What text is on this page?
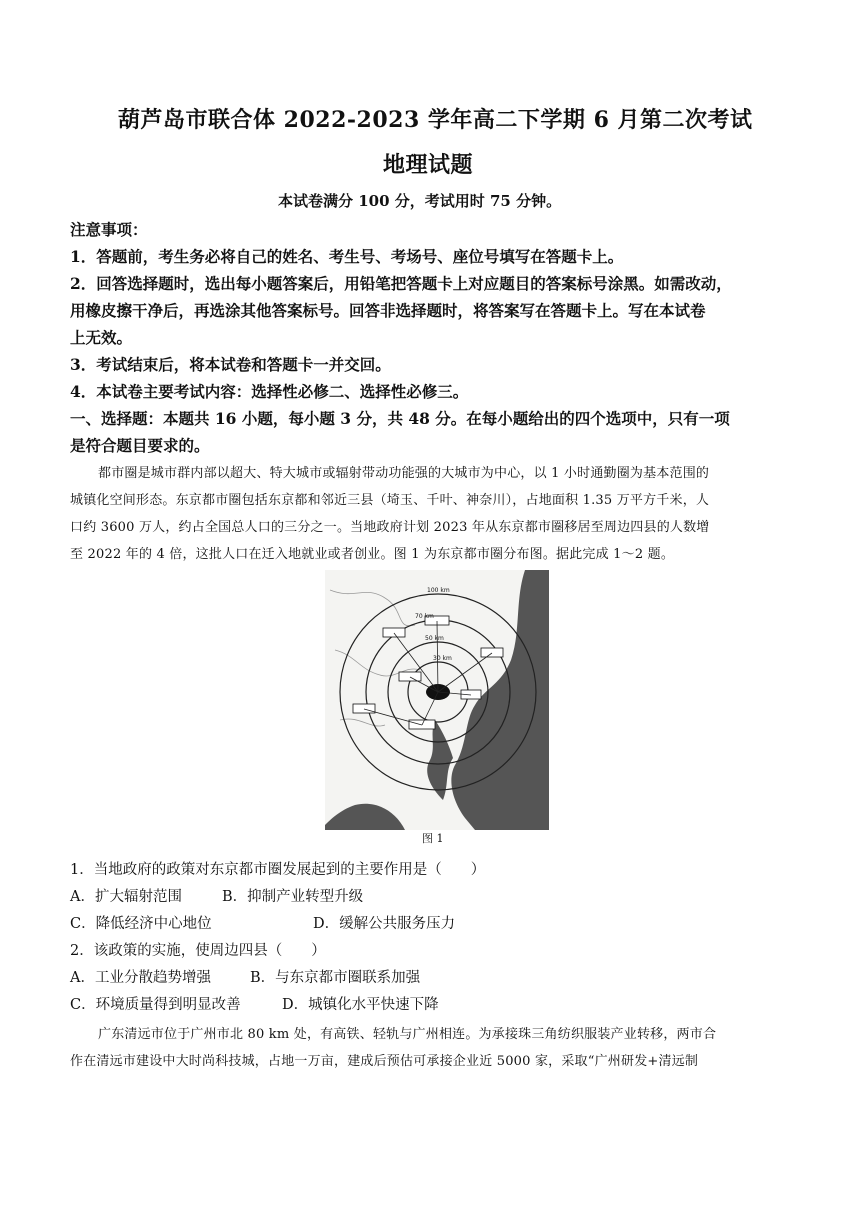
葫芦岛市联合体 2022-2023 学年高二下学期 6 月第二次考试
地理试题
本试卷满分 100 分，考试用时 75 分钟。
注意事项：
1．答题前，考生务必将自己的姓名、考生号、考场号、座位号填写在答题卡上。
2．回答选择题时，选出每小题答案后，用铅笔把答题卡上对应题目的答案标号涂黑。如需改动，
用橡皮擦干净后，再选涂其他答案标号。回答非选择题时，将答案写在答题卡上。写在本试卷
上无效。
3．考试结束后，将本试卷和答题卡一并交回。
4．本试卷主要考试内容：选择性必修二、选择性必修三。
一、选择题：本题共 16 小题，每小题 3 分，共 48 分。在每小题给出的四个选项中，只有一项
是符合题目要求的。
都市圈是城市群内部以超大、特大城市或辐射带动功能强的大城市为中心，以 1 小时通勤圈为基本范围的
城镇化空间形态。东京都市圈包括东京都和邻近三县（埼玉、千叶、神奈川），占地面积 1.35 万平方千米，人
口约 3600 万人，约占全国总人口的三分之一。当地政府计划 2023 年从东京都市圈移居至周边四县的人数增
至 2022 年的 4 倍，这批人口在迁入地就业或者创业。图 1 为东京都市圈分布图。据此完成 1～2 题。
100 km
70 km
50 km
30 km
图 1
1．当地政府的政策对东京都市圈发展起到的主要作用是（　　）
A．扩大辐射范围	B．抑制产业转型升级
C．降低经济中心地位	D．缓解公共服务压力
2．该政策的实施，使周边四县（　　）
A．工业分散趋势增强	B．与东京都市圈联系加强
C．环境质量得到明显改善	D．城镇化水平快速下降
广东清远市位于广州市北 80 km 处，有高铁、轻轨与广州相连。为承接珠三角纺织服装产业转移，两市合
作在清远市建设中大时尚科技城，占地一万亩，建成后预估可承接企业近 5000 家，采取“广州研发+清远制
